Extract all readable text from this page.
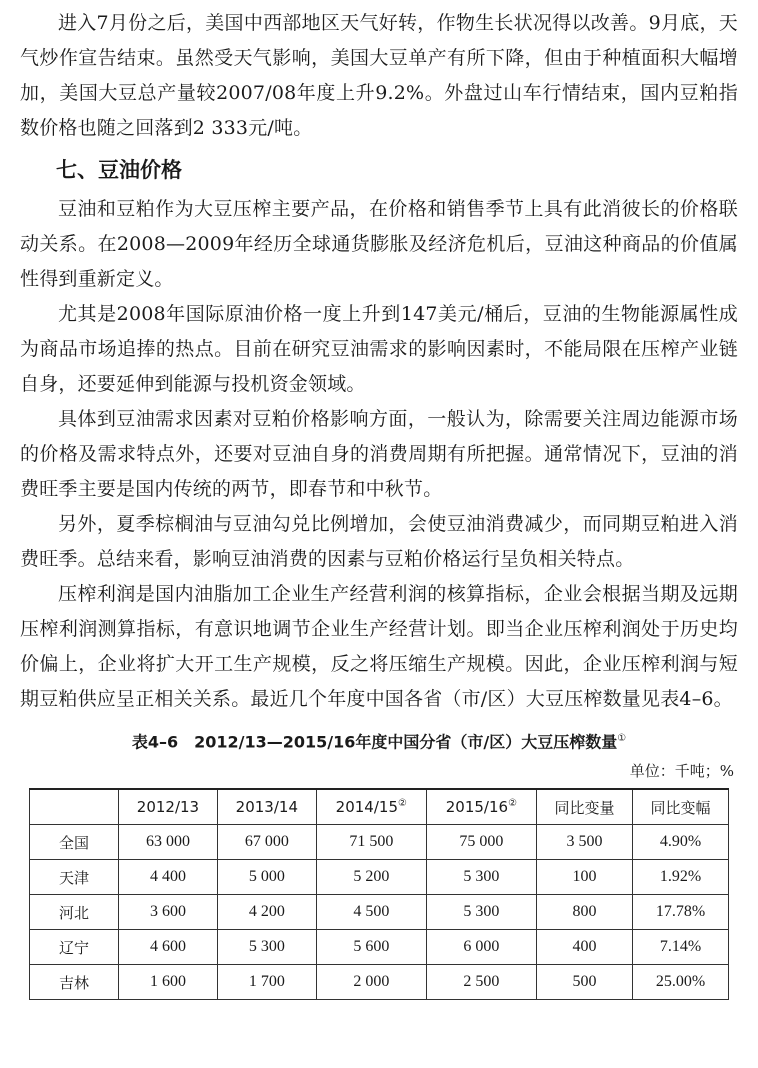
进入7月份之后，美国中西部地区天气好转，作物生长状况得以改善。9月底，天气炒作宣告结束。虽然受天气影响，美国大豆单产有所下降，但由于种植面积大幅增加，美国大豆总产量较2007/08年度上升9.2%。外盘过山车行情结束，国内豆粕指数价格也随之回落到2 333元/吨。

七、豆油价格

豆油和豆粕作为大豆压榨主要产品，在价格和销售季节上具有此消彼长的价格联动关系。在2008—2009年经历全球通货膨胀及经济危机后，豆油这种商品的价值属性得到重新定义。

尤其是2008年国际原油价格一度上升到147美元/桶后，豆油的生物能源属性成为商品市场追捧的热点。目前在研究豆油需求的影响因素时，不能局限在压榨产业链自身，还要延伸到能源与投机资金领域。

具体到豆油需求因素对豆粕价格影响方面，一般认为，除需要关注周边能源市场的价格及需求特点外，还要对豆油自身的消费周期有所把握。通常情况下，豆油的消费旺季主要是国内传统的两节，即春节和中秋节。

另外，夏季棕榈油与豆油勾兑比例增加，会使豆油消费减少，而同期豆粕进入消费旺季。总结来看，影响豆油消费的因素与豆粕价格运行呈负相关特点。

压榨利润是国内油脂加工企业生产经营利润的核算指标，企业会根据当期及远期压榨利润测算指标，有意识地调节企业生产经营计划。即当企业压榨利润处于历史均价偏上，企业将扩大开工生产规模，反之将压缩生产规模。因此，企业压榨利润与短期豆粕供应呈正相关关系。最近几个年度中国各省（市/区）大豆压榨数量见表4–6。

表4–6　2012/13—2015/16年度中国分省（市/区）大豆压榨数量①
单位：千吨；%
	2012/13	2013/14	2014/15②	2015/16②	同比变量	同比变幅
全国	63 000	67 000	71 500	75 000	3 500	4.90%
天津	4 400	5 000	5 200	5 300	100	1.92%
河北	3 600	4 200	4 500	5 300	800	17.78%
辽宁	4 600	5 300	5 600	6 000	400	7.14%
吉林	1 600	1 700	2 000	2 500	500	25.00%
